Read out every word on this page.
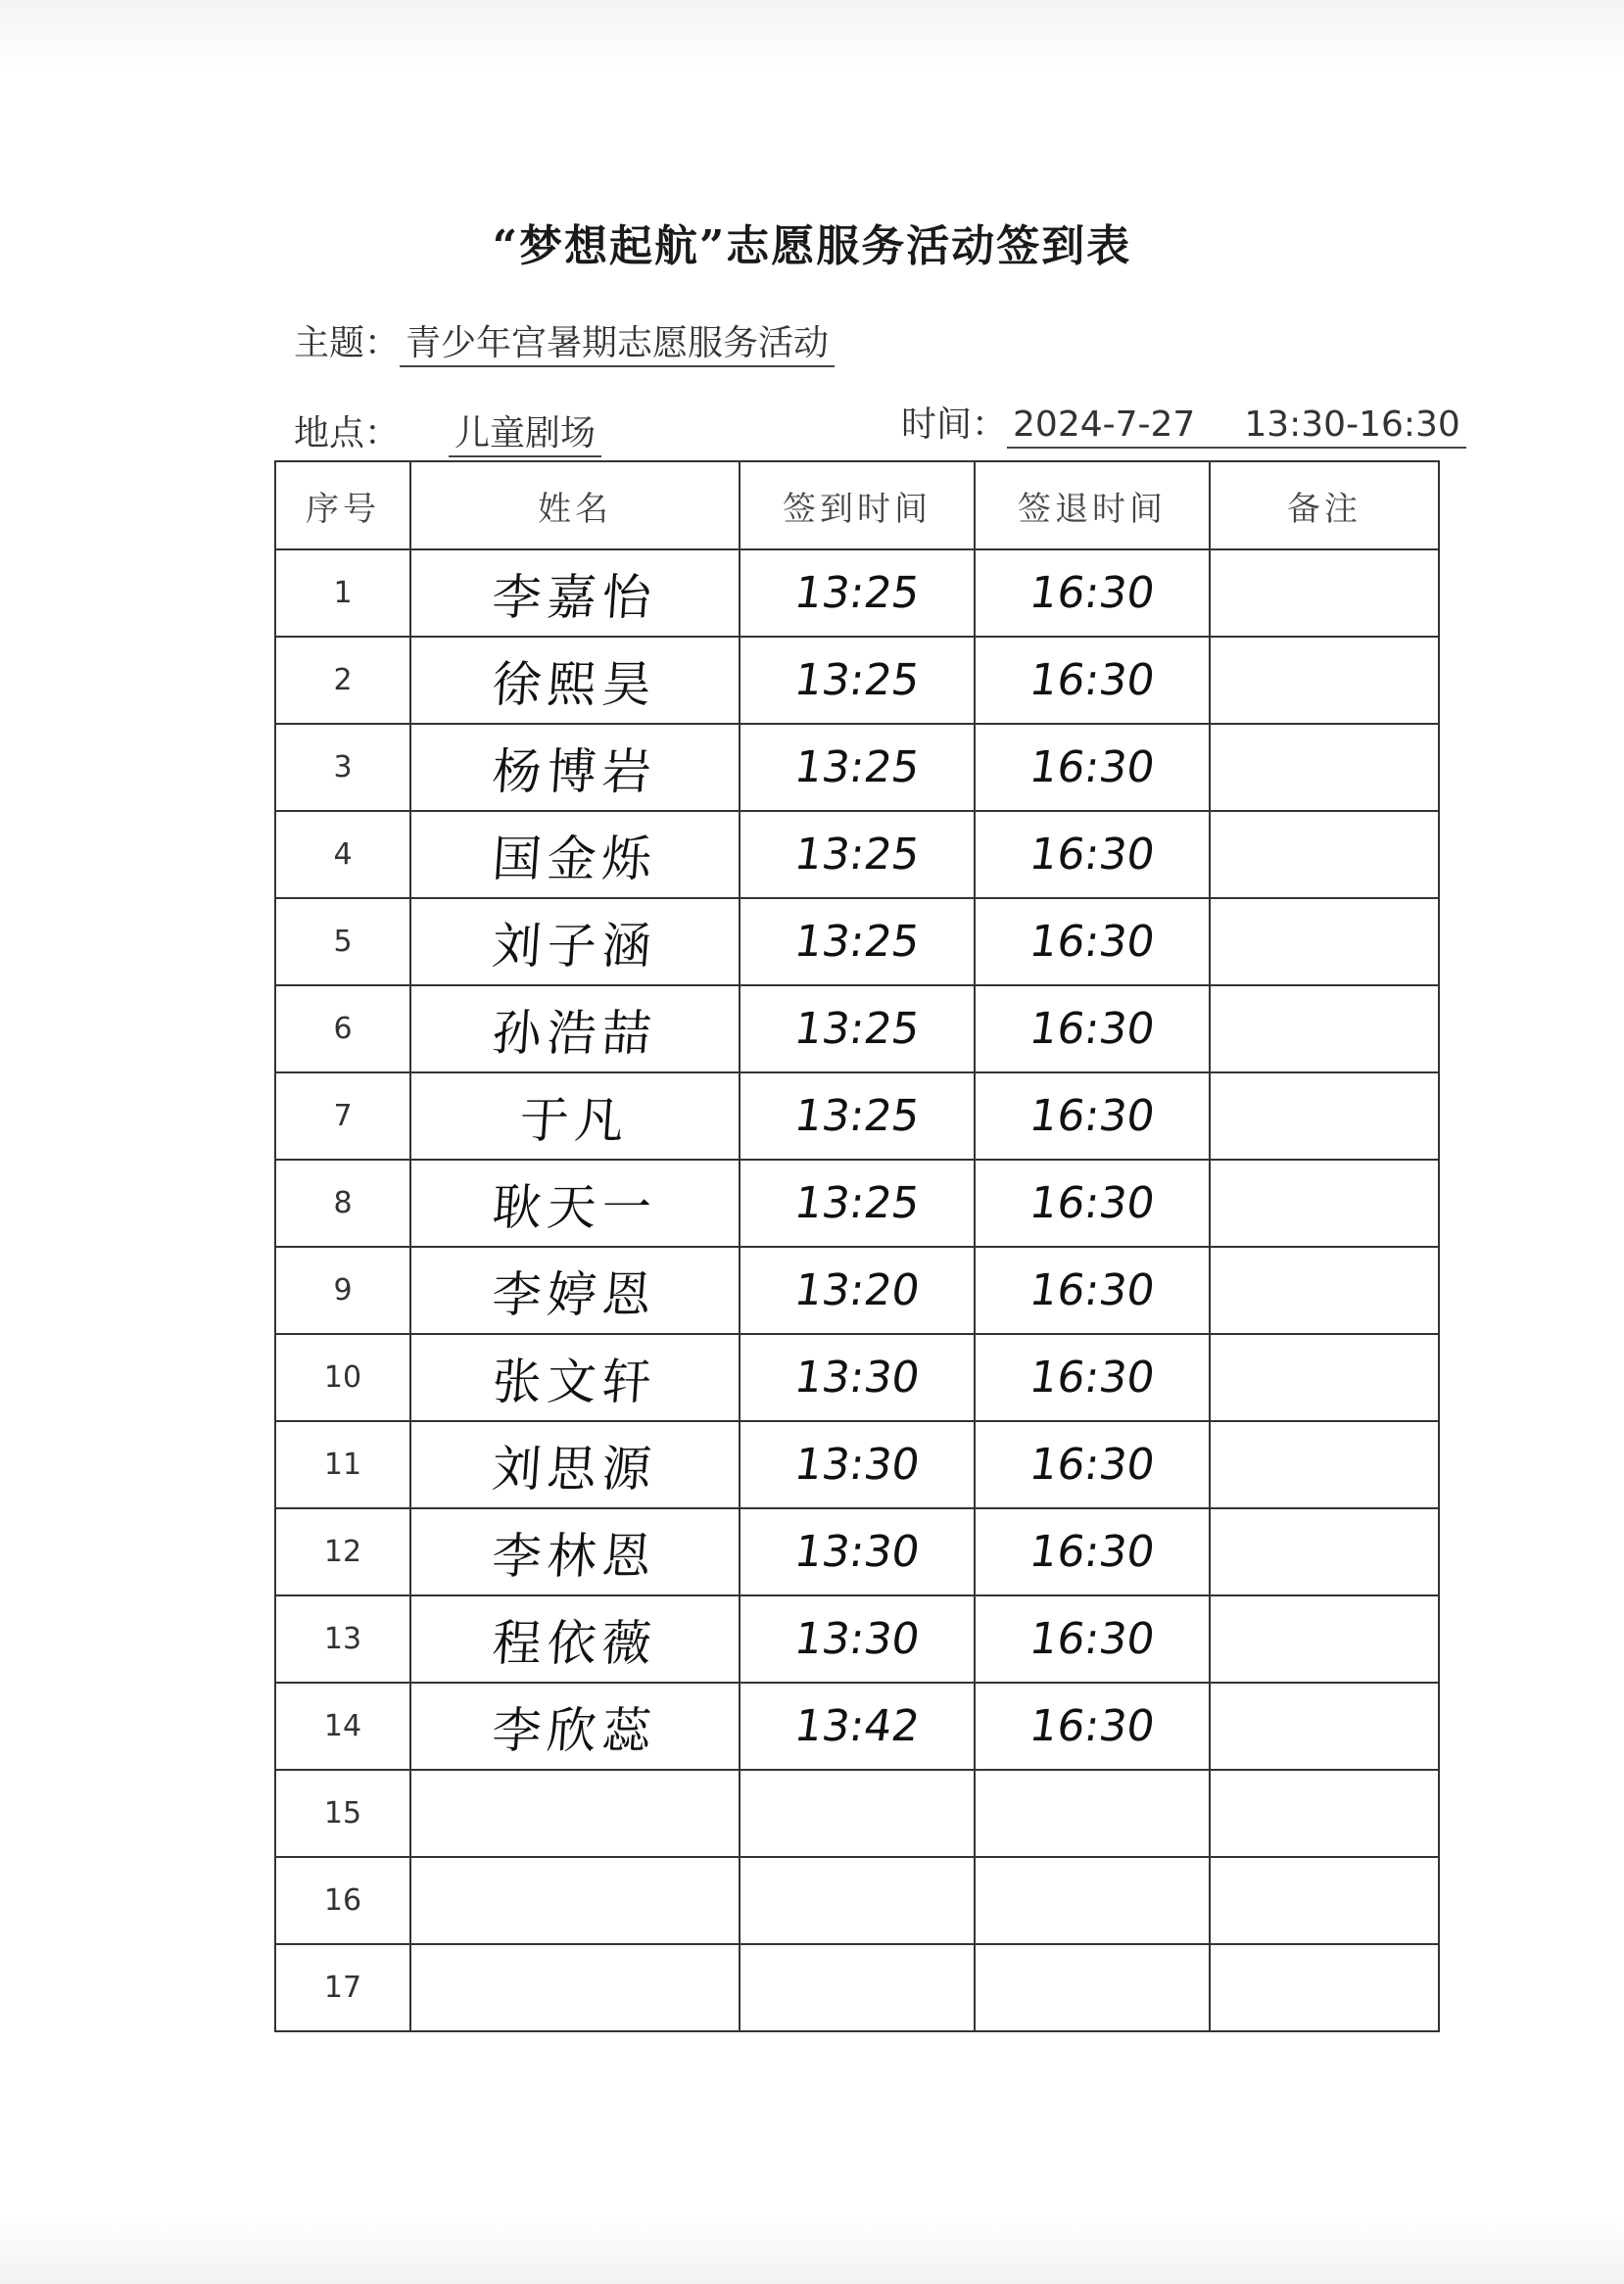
“梦想起航”志愿服务活动签到表
主题： 青少年宫暑期志愿服务活动
地点： 儿童剧场	时间： 2024-7-27 13:30-16:30
序号	姓名	签到时间	签退时间	备注
1	李嘉怡	13:25	16:30	
2	徐熙昊	13:25	16:30	
3	杨博岩	13:25	16:30	
4	国金烁	13:25	16:30	
5	刘子涵	13:25	16:30	
6	孙浩喆	13:25	16:30	
7	于凡	13:25	16:30	
8	耿天一	13:25	16:30	
9	李婷恩	13:20	16:30	
10	张文轩	13:30	16:30	
11	刘思源	13:30	16:30	
12	李林恩	13:30	16:30	
13	程依薇	13:30	16:30	
14	李欣蕊	13:42	16:30	
15				
16				
17				
